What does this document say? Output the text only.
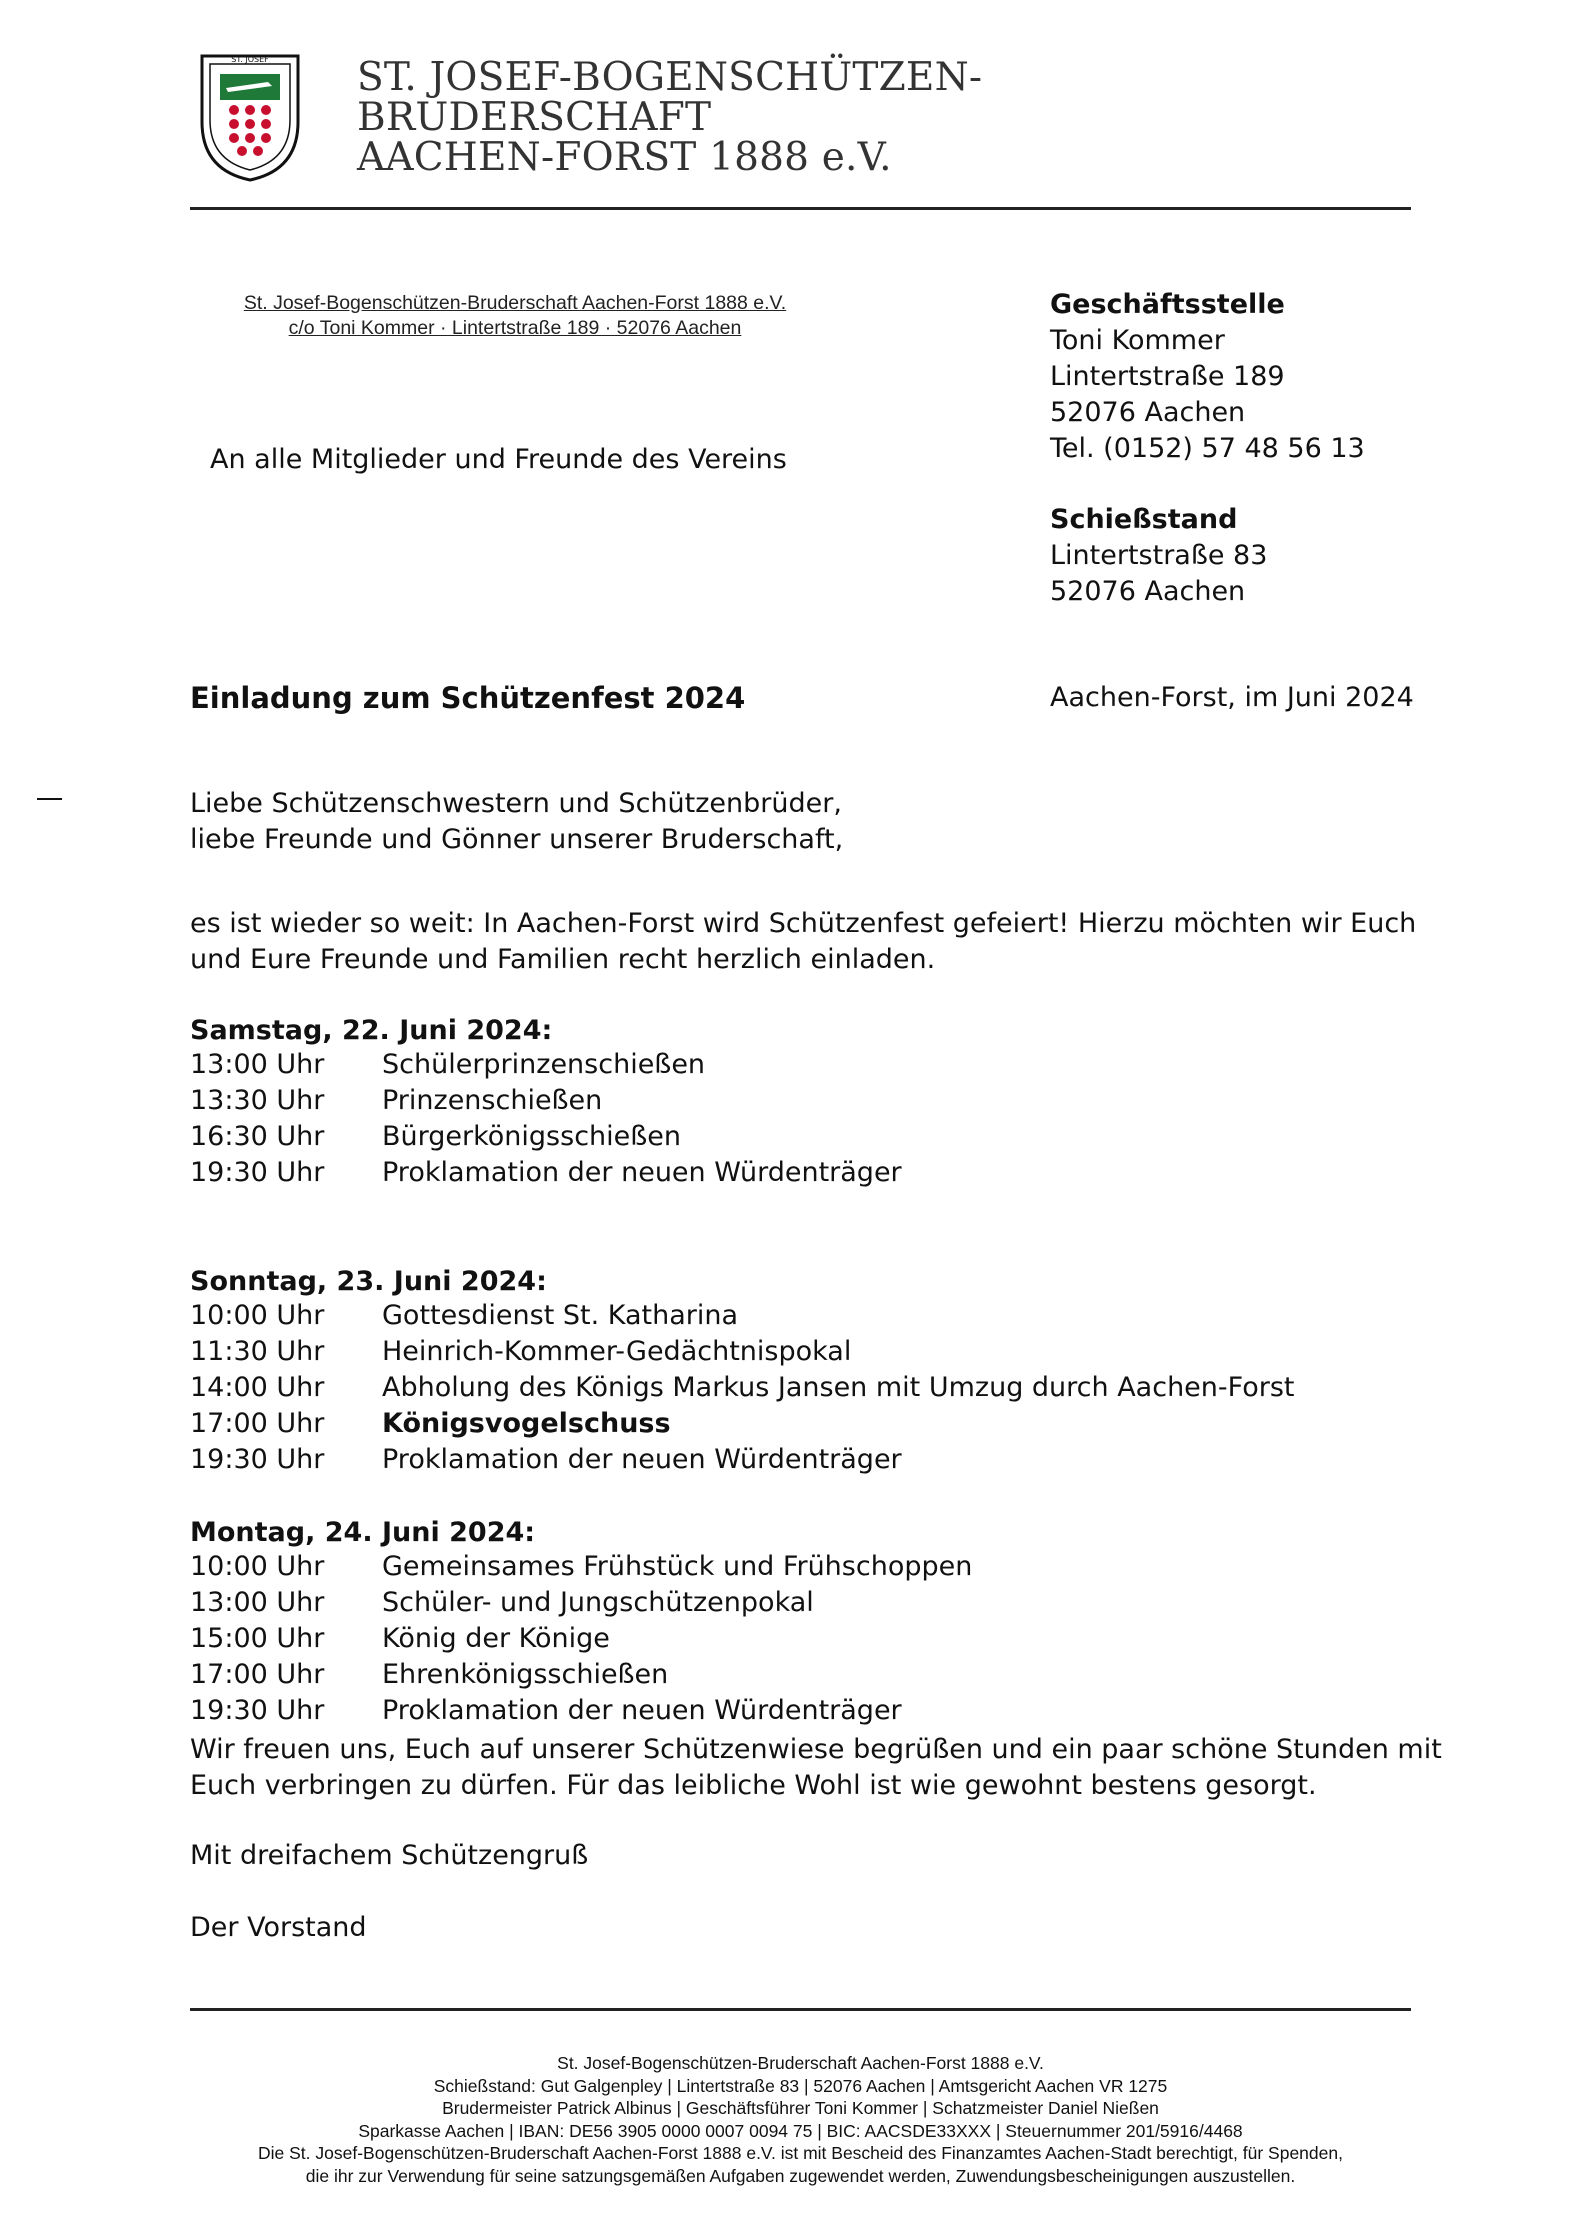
ST. JOSEF ST. JOSEF-BOGENSCHÜTZEN-
BRUDERSCHAFT
AACHEN-FORST 1888 e.V.
St. Josef-Bogenschützen-Bruderschaft Aachen-Forst 1888 e.V.
c/o Toni Kommer · Lintertstraße 189 · 52076 Aachen
An alle Mitglieder und Freunde des Vereins
Geschäftsstelle
Toni Kommer
Lintertstraße 189
52076 Aachen
Tel. (0152) 57 48 56 13
Schießstand
Lintertstraße 83
52076 Aachen
Einladung zum Schützenfest 2024	Aachen-Forst, im Juni 2024
Liebe Schützenschwestern und Schützenbrüder,
liebe Freunde und Gönner unserer Bruderschaft,
es ist wieder so weit: In Aachen-Forst wird Schützenfest gefeiert! Hierzu möchten wir Euch
und Eure Freunde und Familien recht herzlich einladen.
Samstag, 22. Juni 2024:
13:00 Uhr Schülerprinzenschießen
13:30 Uhr Prinzenschießen
16:30 Uhr Bürgerkönigsschießen
19:30 Uhr Proklamation der neuen Würdenträger
Sonntag, 23. Juni 2024:
10:00 Uhr Gottesdienst St. Katharina
11:30 Uhr Heinrich-Kommer-Gedächtnispokal
14:00 Uhr Abholung des Königs Markus Jansen mit Umzug durch Aachen-Forst
17:00 Uhr Königsvogelschuss
19:30 Uhr Proklamation der neuen Würdenträger
Montag, 24. Juni 2024:
10:00 Uhr Gemeinsames Frühstück und Frühschoppen
13:00 Uhr Schüler- und Jungschützenpokal
15:00 Uhr König der Könige
17:00 Uhr Ehrenkönigsschießen
19:30 Uhr Proklamation der neuen Würdenträger
Wir freuen uns, Euch auf unserer Schützenwiese begrüßen und ein paar schöne Stunden mit
Euch verbringen zu dürfen. Für das leibliche Wohl ist wie gewohnt bestens gesorgt.
Mit dreifachem Schützengruß
Der Vorstand
St. Josef-Bogenschützen-Bruderschaft Aachen-Forst 1888 e.V.
Schießstand: Gut Galgenpley | Lintertstraße 83 | 52076 Aachen | Amtsgericht Aachen VR 1275
Brudermeister Patrick Albinus | Geschäftsführer Toni Kommer | Schatzmeister Daniel Nießen
Sparkasse Aachen | IBAN: DE56 3905 0000 0007 0094 75 | BIC: AACSDE33XXX | Steuernummer 201/5916/4468
Die St. Josef-Bogenschützen-Bruderschaft Aachen-Forst 1888 e.V. ist mit Bescheid des Finanzamtes Aachen-Stadt berechtigt, für Spenden,
die ihr zur Verwendung für seine satzungsgemäßen Aufgaben zugewendet werden, Zuwendungsbescheinigungen auszustellen.
